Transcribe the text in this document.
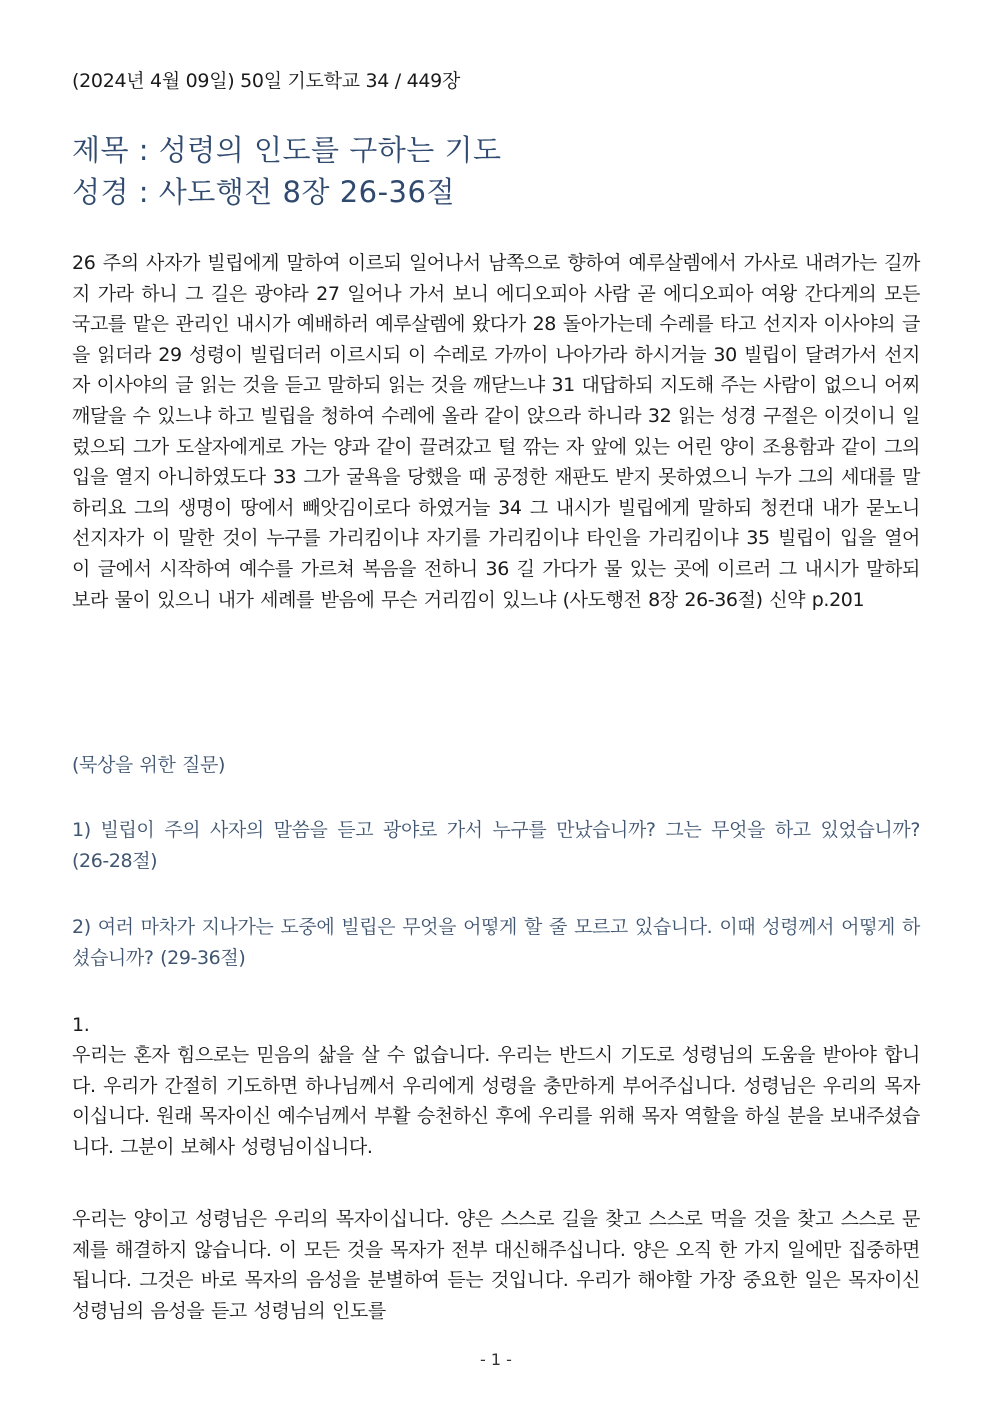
(2024년 4월 09일) 50일 기도학교 34 / 449장
제목 : 성령의 인도를 구하는 기도
성경 : 사도행전 8장 26-36절

26 주의 사자가 빌립에게 말하여 이르되 일어나서 남쪽으로 향하여 예루살렘에서 가사로 내려가는 길까지 가라 하니 그 길은 광야라 27 일어나 가서 보니 에디오피아 사람 곧 에디오피아 여왕 간다게의 모든 국고를 맡은 관리인 내시가 예배하러 예루살렘에 왔다가 28 돌아가는데 수레를 타고 선지자 이사야의 글을 읽더라 29 성령이 빌립더러 이르시되 이 수레로 가까이 나아가라 하시거늘 30 빌립이 달려가서 선지자 이사야의 글 읽는 것을 듣고 말하되 읽는 것을 깨닫느냐 31 대답하되 지도해 주는 사람이 없으니 어찌 깨달을 수 있느냐 하고 빌립을 청하여 수레에 올라 같이 앉으라 하니라 32 읽는 성경 구절은 이것이니 일렀으되 그가 도살자에게로 가는 양과 같이 끌려갔고 털 깎는 자 앞에 있는 어린 양이 조용함과 같이 그의 입을 열지 아니하였도다 33 그가 굴욕을 당했을 때 공정한 재판도 받지 못하였으니 누가 그의 세대를 말하리요 그의 생명이 땅에서 빼앗김이로다 하였거늘 34 그 내시가 빌립에게 말하되 청컨대 내가 묻노니 선지자가 이 말한 것이 누구를 가리킴이냐 자기를 가리킴이냐 타인을 가리킴이냐 35 빌립이 입을 열어 이 글에서 시작하여 예수를 가르쳐 복음을 전하니 36 길 가다가 물 있는 곳에 이르러 그 내시가 말하되 보라 물이 있으니 내가 세례를 받음에 무슨 거리낌이 있느냐 (사도행전 8장 26-36절) 신약 p.201

(묵상을 위한 질문)

1) 빌립이 주의 사자의 말씀을 듣고 광야로 가서 누구를 만났습니까? 그는 무엇을 하고 있었습니까? (26-28절)

2) 여러 마차가 지나가는 도중에 빌립은 무엇을 어떻게 할 줄 모르고 있습니다. 이때 성령께서 어떻게 하셨습니까? (29-36절)

1.

우리는 혼자 힘으로는 믿음의 삶을 살 수 없습니다. 우리는 반드시 기도로 성령님의 도움을 받아야 합니다. 우리가 간절히 기도하면 하나님께서 우리에게 성령을 충만하게 부어주십니다. 성령님은 우리의 목자이십니다. 원래 목자이신 예수님께서 부활 승천하신 후에 우리를 위해 목자 역할을 하실 분을 보내주셨습니다. 그분이 보혜사 성령님이십니다.

우리는 양이고 성령님은 우리의 목자이십니다. 양은 스스로 길을 찾고 스스로 먹을 것을 찾고 스스로 문제를 해결하지 않습니다. 이 모든 것을 목자가 전부 대신해주십니다. 양은 오직 한 가지 일에만 집중하면 됩니다. 그것은 바로 목자의 음성을 분별하여 듣는 것입니다. 우리가 해야할 가장 중요한 일은 목자이신 성령님의 음성을 듣고 성령님의 인도를

- 1 -
